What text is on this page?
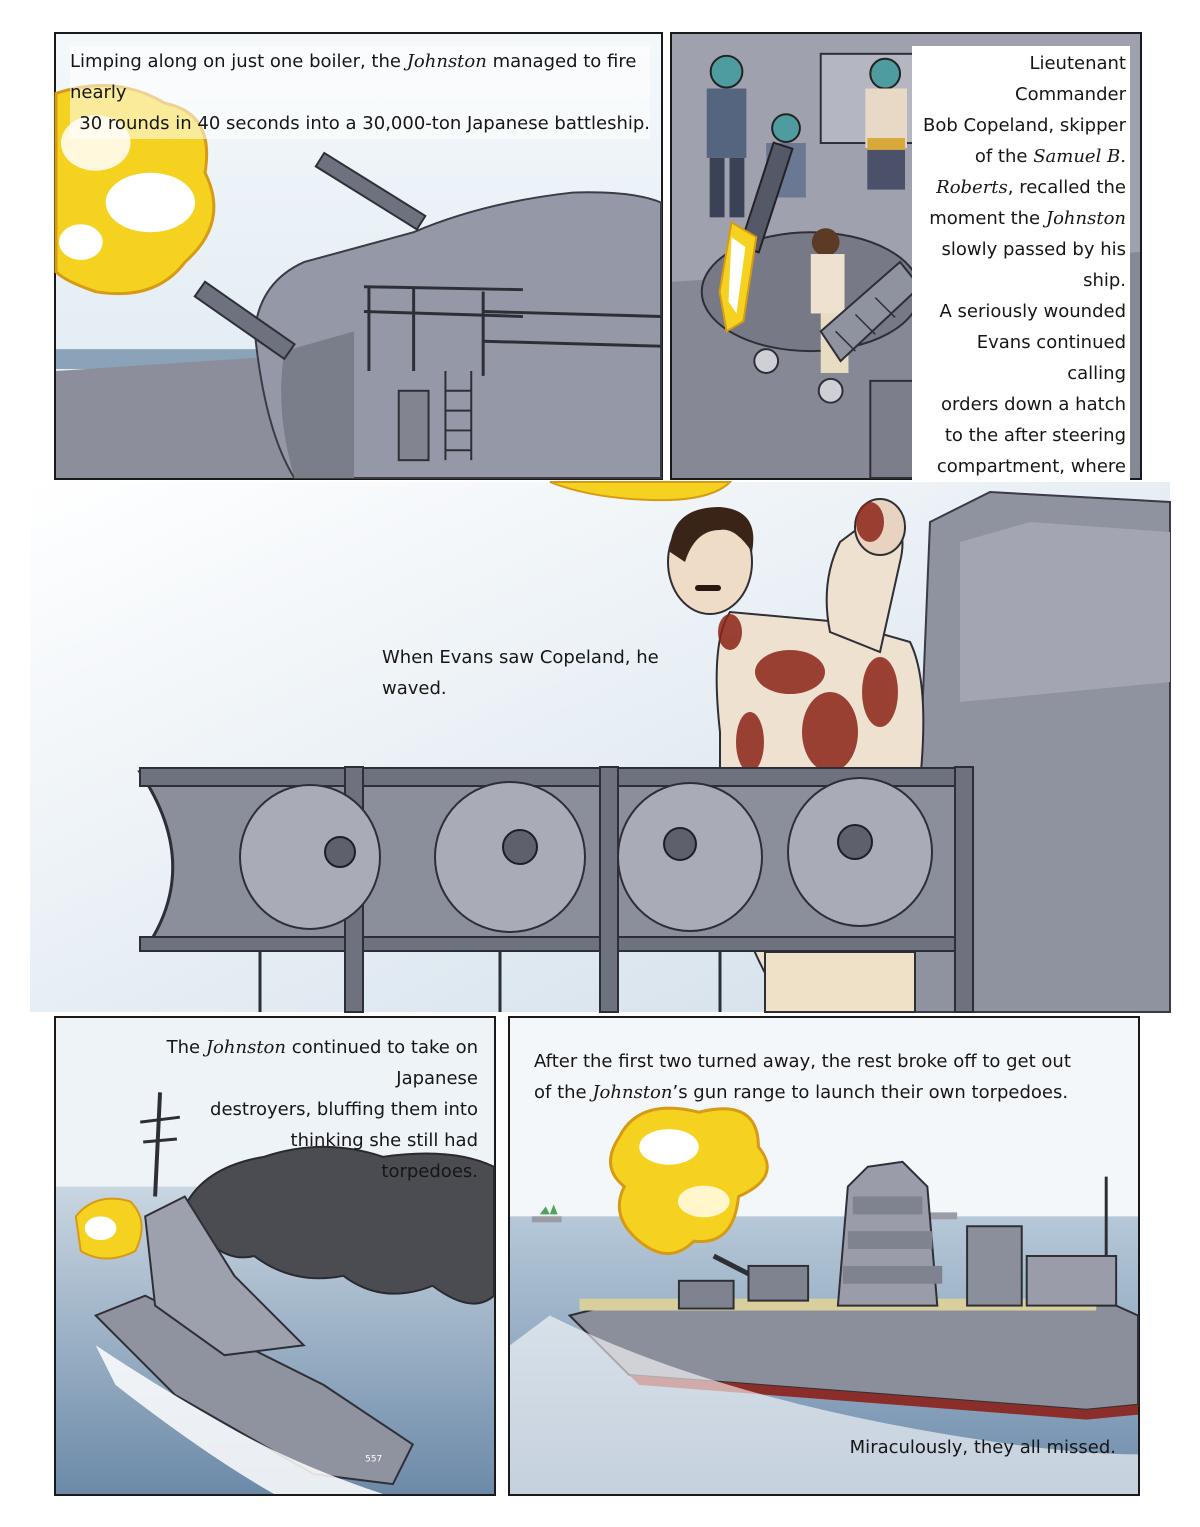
Limping along on just one boiler, the Johnston managed to fire nearly
30 rounds in 40 seconds into a 30,000-ton Japanese battleship.
Lieutenant Commander
Bob Copeland, skipper
of the Samuel B.
Roberts, recalled the
moment the Johnston
slowly passed by his ship.
A seriously wounded
Evans continued calling
orders down a hatch
to the after steering
compartment, where
When Evans saw Copeland, he waved.
557
The Johnston continued to take on Japanese
destroyers, bluffing them into
thinking she still had
torpedoes.
After the first two turned away, the rest broke off to get out
of the Johnston’s gun range to launch their own torpedoes.
Miraculously, they all missed.
